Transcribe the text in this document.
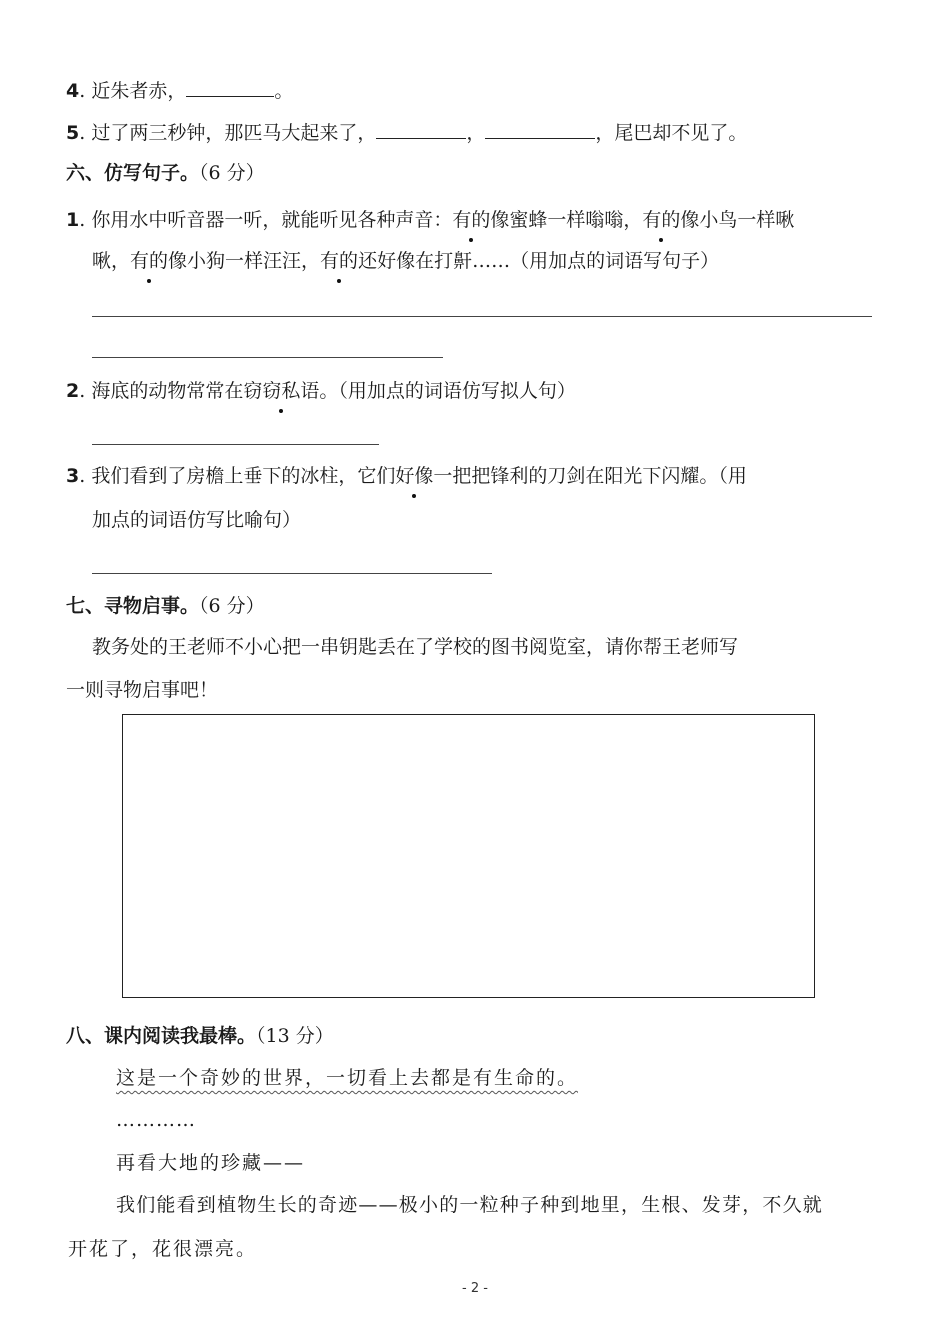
4. 近朱者赤，	。
5. 过了两三秒钟，那匹马大起来了，	，	，尾巴却不见了。
六、仿写句子。（6 分）
1. 你用水中听音器一听，就能听见各种声音：有的像蜜蜂一样嗡嗡，有的像小鸟一样啾
啾，有的像小狗一样汪汪，有的还好像在打鼾……（用加点的词语写句子）
2. 海底的动物常常在窃窃私语。（用加点的词语仿写拟人句）
3. 我们看到了房檐上垂下的冰柱，它们好像一把把锋利的刀剑在阳光下闪耀。（用
加点的词语仿写比喻句）
七、寻物启事。（6 分）
教务处的王老师不小心把一串钥匙丢在了学校的图书阅览室，请你帮王老师写
一则寻物启事吧！
八、课内阅读我最棒。（13 分）
这是一个奇妙的世界，一切看上去都是有生命的。
…………
再看大地的珍藏——
我们能看到植物生长的奇迹——极小的一粒种子种到地里，生根、发芽，不久就
开花了，花很漂亮。
- 2 -
